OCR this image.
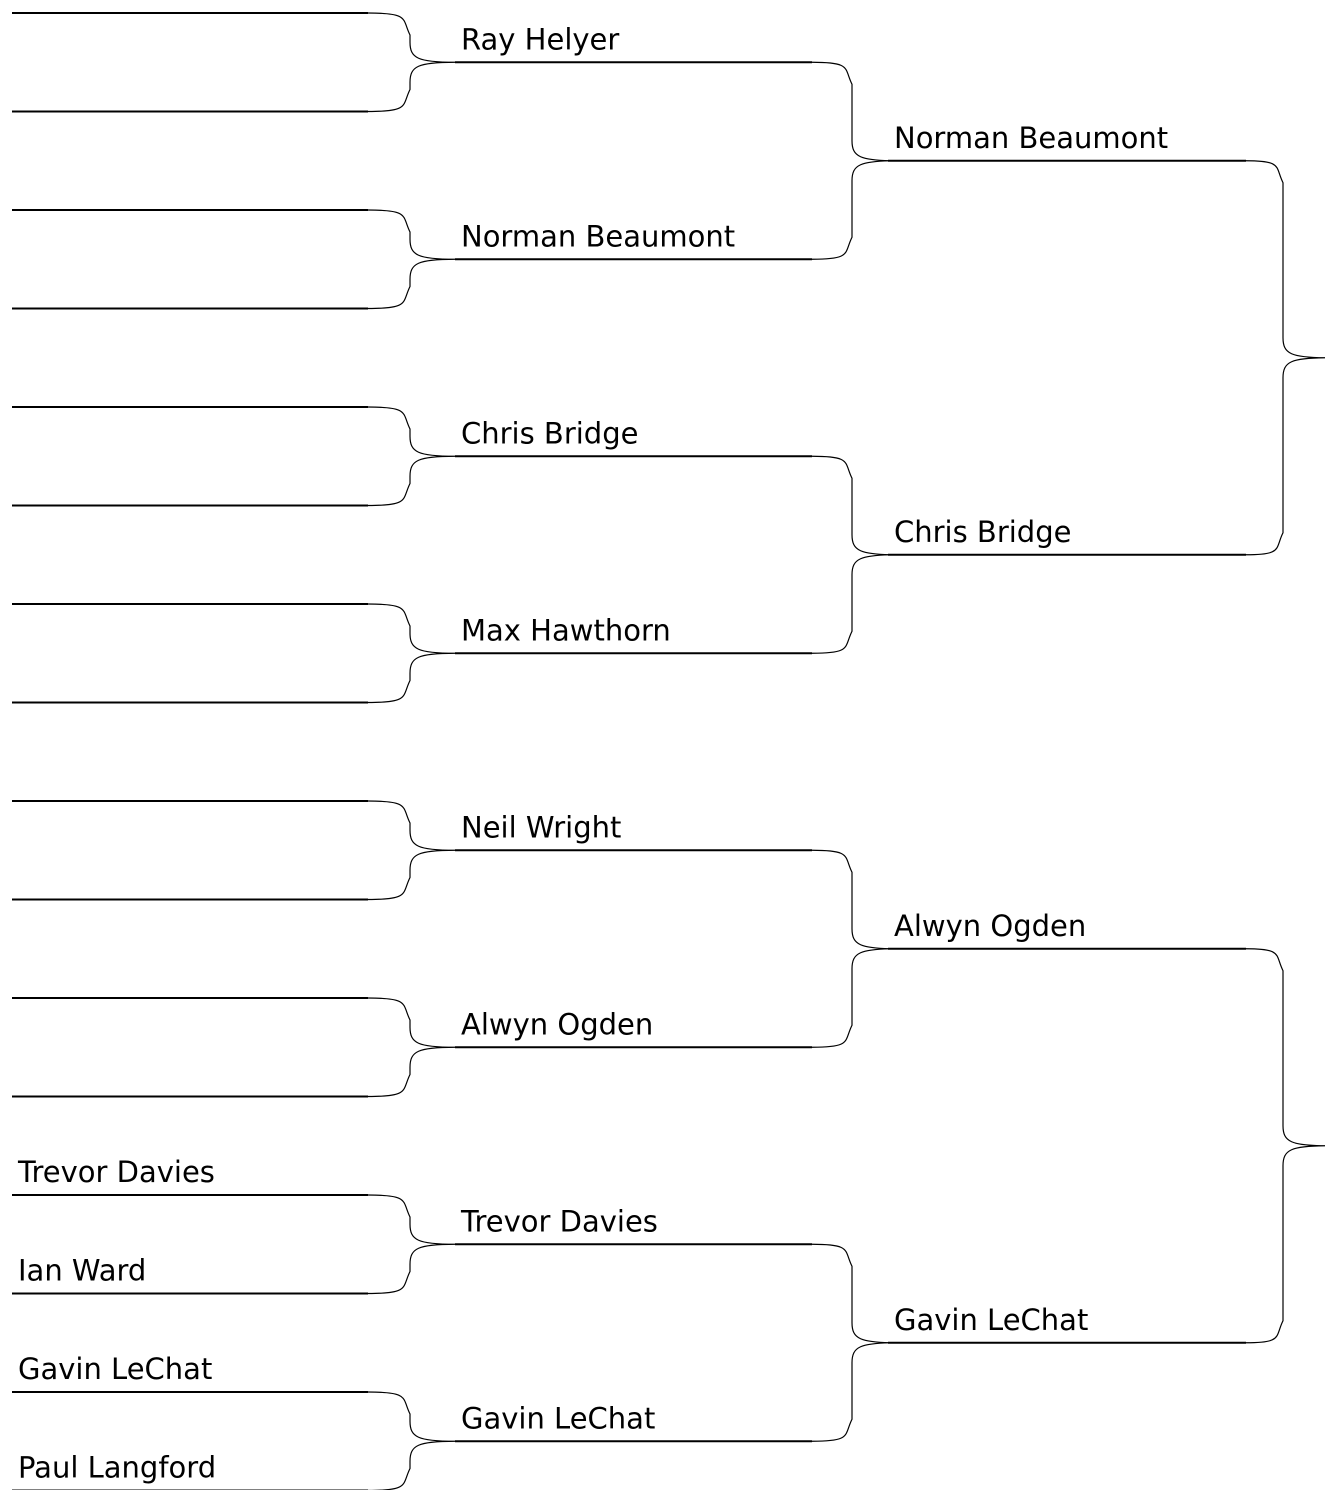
Trevor Davies
Ian Ward
Gavin LeChat
Paul Langford
Ray Helyer
Norman Beaumont
Chris Bridge
Max Hawthorn
Neil Wright
Alwyn Ogden
Trevor Davies
Gavin LeChat
Norman Beaumont
Chris Bridge
Alwyn Ogden
Gavin LeChat
